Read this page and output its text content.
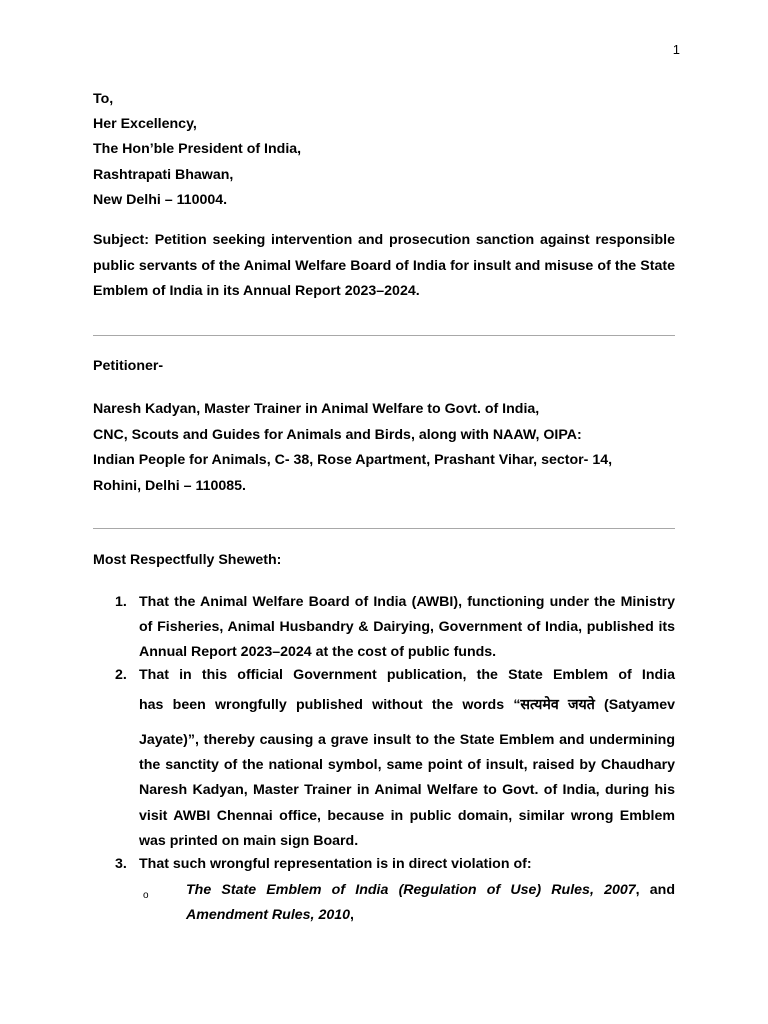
1
To,
Her Excellency,
The Hon’ble President of India,
Rashtrapati Bhawan,
New Delhi – 110004.
Subject: Petition seeking intervention and prosecution sanction against responsible public servants of the Animal Welfare Board of India for insult and misuse of the State Emblem of India in its Annual Report 2023–2024.
Petitioner-
Naresh Kadyan, Master Trainer in Animal Welfare to Govt. of India,
CNC, Scouts and Guides for Animals and Birds, along with NAAW, OIPA:
Indian People for Animals, C- 38, Rose Apartment, Prashant Vihar, sector- 14,
Rohini, Delhi – 110085.
Most Respectfully Sheweth:
1. That the Animal Welfare Board of India (AWBI), functioning under the Ministry of Fisheries, Animal Husbandry & Dairying, Government of India, published its Annual Report 2023–2024 at the cost of public funds.
2. That in this official Government publication, the State Emblem of India
has been wrongfully published without the words “सत्यमेव जयते (Satyamev
Jayate)”, thereby causing a grave insult to the State Emblem and undermining the sanctity of the national symbol, same point of insult, raised by Chaudhary Naresh Kadyan, Master Trainer in Animal Welfare to Govt. of India, during his visit AWBI Chennai office, because in public domain, similar wrong Emblem was printed on main sign Board.
3. That such wrongful representation is in direct violation of:
o	The State Emblem of India (Regulation of Use) Rules, 2007, and Amendment Rules, 2010,
